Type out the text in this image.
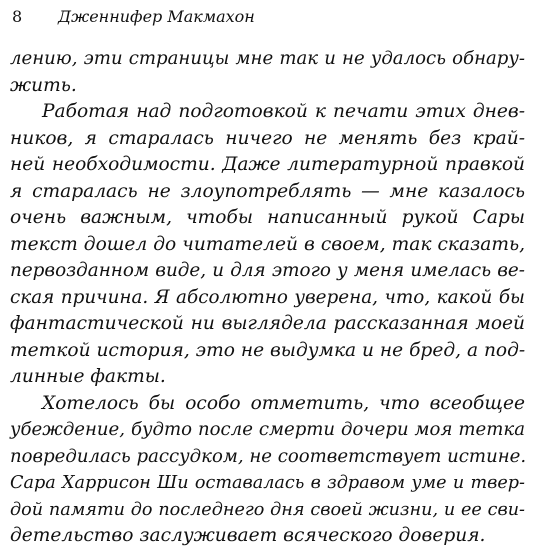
8 Дженнифер Макмахон
лению, эти страницы мне так и не удалось обнару-
жить.
Работая над подготовкой к печати этих днев-
ников, я старалась ничего не менять без край-
ней необходимости. Даже литературной правкой
я старалась не злоупотреблять — мне казалось
очень важным, чтобы написанный рукой Сары
текст дошел до читателей в своем, так сказать,
первозданном виде, и для этого у меня имелась ве-
ская причина. Я абсолютно уверена, что, какой бы
фантастической ни выглядела рассказанная моей
теткой история, это не выдумка и не бред, а под-
линные факты.
Хотелось бы особо отметить, что всеобщее
убеждение, будто после смерти дочери моя тетка
повредилась рассудком, не соответствует истине.
Сара Харрисон Ши оставалась в здравом уме и твер-
дой памяти до последнего дня своей жизни, и ее сви-
детельство заслуживает всяческого доверия.
